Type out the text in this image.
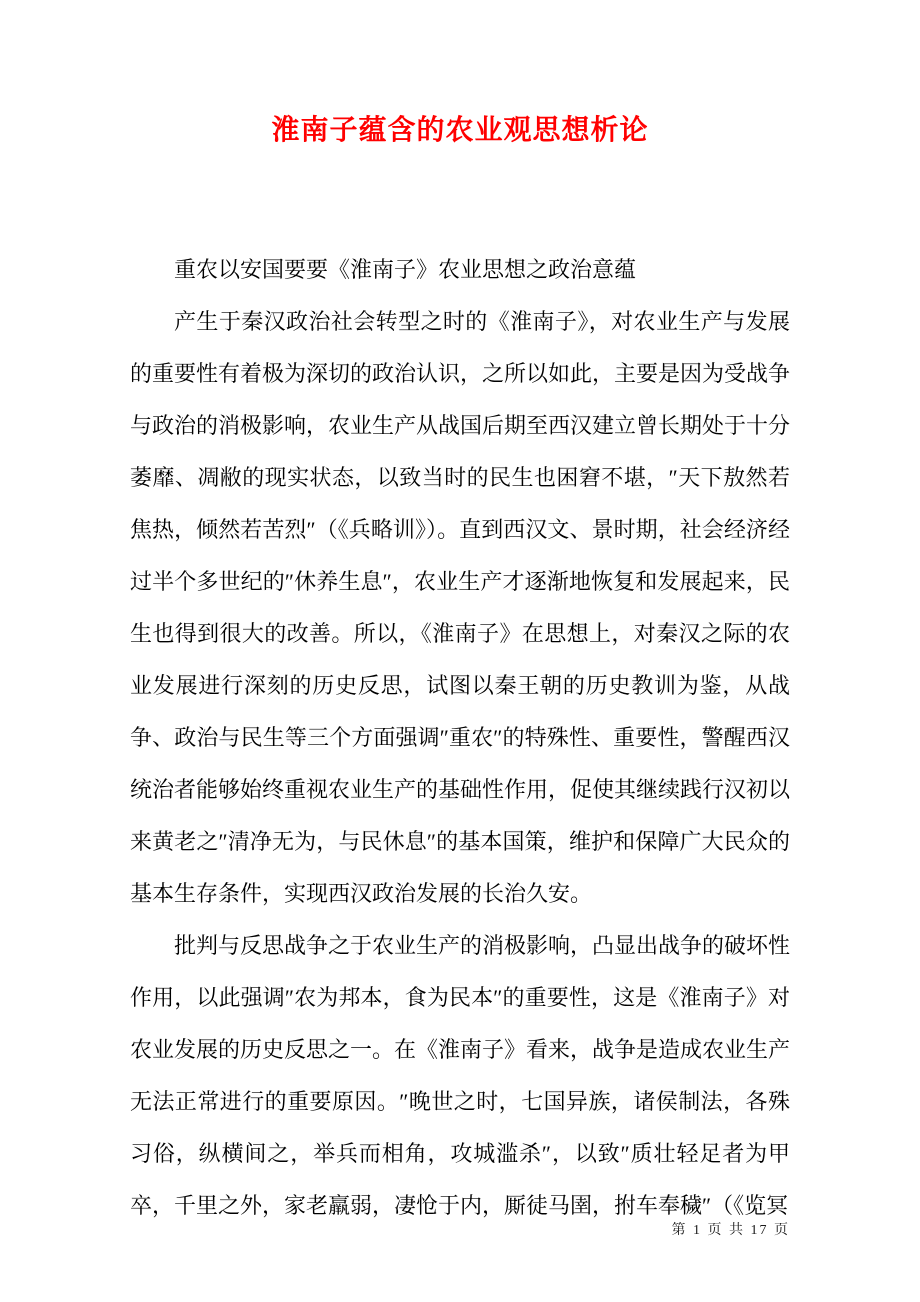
淮南子蕴含的农业观思想析论

重农以安国要要《淮南子》农业思想之政治意蕴

产生于秦汉政治社会转型之时的《淮南子》，对农业生产与发展的重要性有着极为深切的政治认识，之所以如此，主要是因为受战争与政治的消极影响，农业生产从战国后期至西汉建立曾长期处于十分萎靡、凋敝的现实状态，以致当时的民生也困窘不堪，″天下敖然若焦热，倾然若苦烈″（《兵略训》）。直到西汉文、景时期，社会经济经过半个多世纪的″休养生息″，农业生产才逐渐地恢复和发展起来，民生也得到很大的改善。所以，《淮南子》在思想上，对秦汉之际的农业发展进行深刻的历史反思，试图以秦王朝的历史教训为鉴，从战争、政治与民生等三个方面强调″重农″的特殊性、重要性，警醒西汉统治者能够始终重视农业生产的基础性作用，促使其继续践行汉初以来黄老之″清净无为，与民休息″的基本国策，维护和保障广大民众的基本生存条件，实现西汉政治发展的长治久安。

批判与反思战争之于农业生产的消极影响，凸显出战争的破坏性作用，以此强调″农为邦本，食为民本″的重要性，这是《淮南子》对农业发展的历史反思之一。在《淮南子》看来，战争是造成农业生产无法正常进行的重要原因。″晚世之时，七国异族，诸侯制法，各殊习俗，纵横间之，举兵而相角，攻城滥杀″，以致″质壮轻足者为甲卒，千里之外，家老羸弱，凄怆于内，厮徒马圉，拊车奉穢″（《览冥

第 1 页 共 17 页
